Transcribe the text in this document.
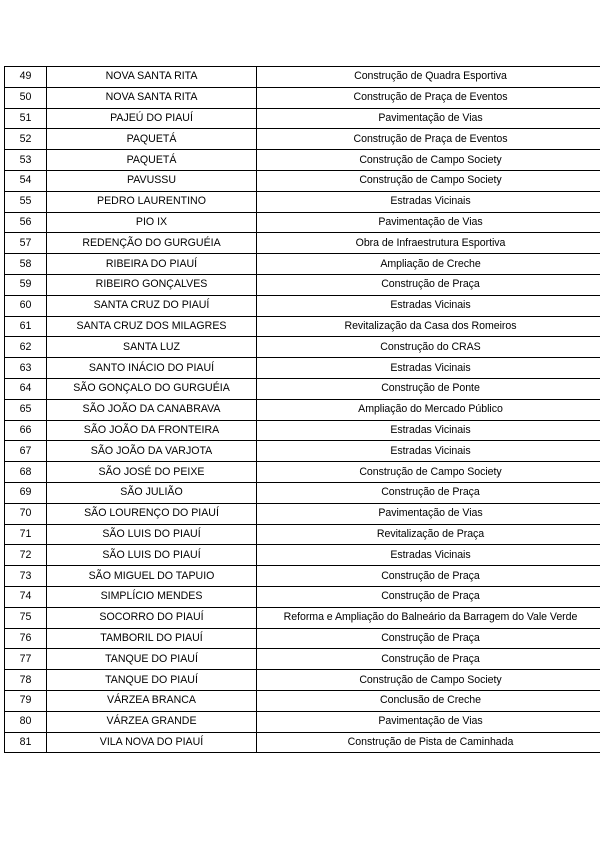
49	NOVA SANTA RITA	Construção de Quadra Esportiva
50	NOVA SANTA RITA	Construção de Praça de Eventos
51	PAJEÚ DO PIAUÍ	Pavimentação de Vias
52	PAQUETÁ	Construção de Praça de Eventos
53	PAQUETÁ	Construção de Campo Society
54	PAVUSSU	Construção de Campo Society
55	PEDRO LAURENTINO	Estradas Vicinais
56	PIO IX	Pavimentação de Vias
57	REDENÇÃO DO GURGUÉIA	Obra de Infraestrutura Esportiva
58	RIBEIRA DO PIAUÍ	Ampliação de Creche
59	RIBEIRO GONÇALVES	Construção de Praça
60	SANTA CRUZ DO PIAUÍ	Estradas Vicinais
61	SANTA CRUZ DOS MILAGRES	Revitalização da Casa dos Romeiros
62	SANTA LUZ	Construção do CRAS
63	SANTO INÁCIO DO PIAUÍ	Estradas Vicinais
64	SÃO GONÇALO DO GURGUÉIA	Construção de Ponte
65	SÃO JOÃO DA CANABRAVA	Ampliação do Mercado Público
66	SÃO JOÃO DA FRONTEIRA	Estradas Vicinais
67	SÃO JOÃO DA VARJOTA	Estradas Vicinais
68	SÃO JOSÉ DO PEIXE	Construção de Campo Society
69	SÃO JULIÃO	Construção de Praça
70	SÃO LOURENÇO DO PIAUÍ	Pavimentação de Vias
71	SÃO LUIS DO PIAUÍ	Revitalização de Praça
72	SÃO LUIS DO PIAUÍ	Estradas Vicinais
73	SÃO MIGUEL DO TAPUIO	Construção de Praça
74	SIMPLÍCIO MENDES	Construção de Praça
75	SOCORRO DO PIAUÍ	Reforma e Ampliação do Balneário da Barragem do Vale Verde
76	TAMBORIL DO PIAUÍ	Construção de Praça
77	TANQUE DO PIAUÍ	Construção de Praça
78	TANQUE DO PIAUÍ	Construção de Campo Society
79	VÁRZEA BRANCA	Conclusão de Creche
80	VÁRZEA GRANDE	Pavimentação de Vias
81	VILA NOVA DO PIAUÍ	Construção de Pista de Caminhada
